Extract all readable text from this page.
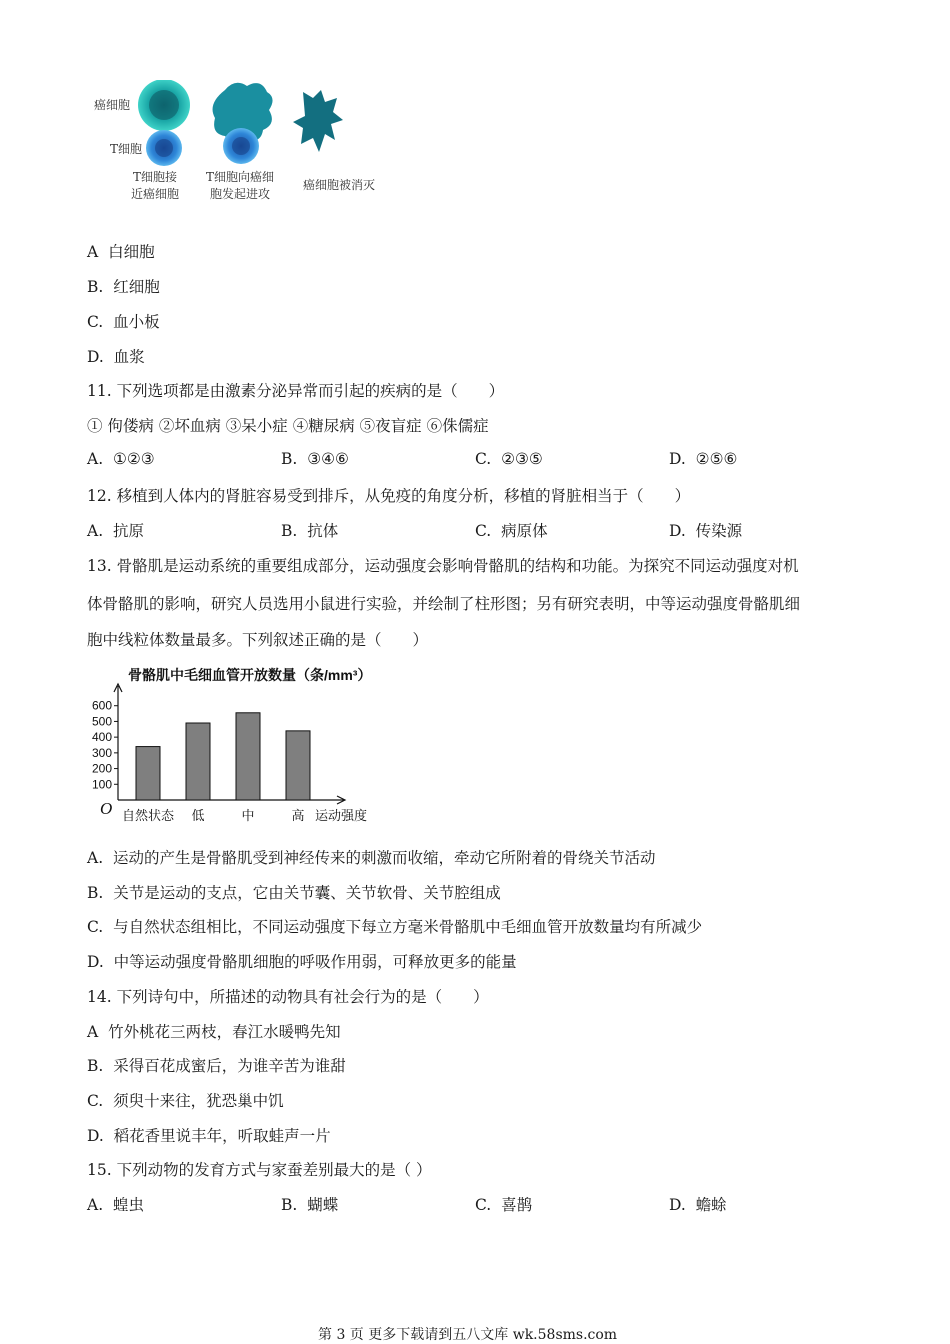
癌细胞
T细胞
T细胞接
近癌细胞
T细胞向癌细
胞发起进攻
癌细胞被消灭
A 白细胞
B. 红细胞
C. 血小板
D. 血浆
11. 下列选项都是由激素分泌异常而引起的疾病的是（　　）
① 佝偻病 ②坏血病 ③呆小症 ④糖尿病 ⑤夜盲症 ⑥侏儒症
A. ①②③	B. ③④⑥	C. ②③⑤	D. ②⑤⑥
12. 移植到人体内的肾脏容易受到排斥，从免疫的角度分析，移植的肾脏相当于（　　）
A. 抗原	B. 抗体	C. 病原体	D. 传染源
13. 骨骼肌是运动系统的重要组成部分，运动强度会影响骨骼肌的结构和功能。为探究不同运动强度对机
体骨骼肌的影响，研究人员选用小鼠进行实验，并绘制了柱形图；另有研究表明，中等运动强度骨骼肌细
胞中线粒体数量最多。下列叙述正确的是（　　）
骨骼肌中毛细血管开放数量（条/mm³）
100
200
300
400
500
600
自然状态 低	中	高
O	运动强度
A. 运动的产生是骨骼肌受到神经传来的刺激而收缩，牵动它所附着的骨绕关节活动
B. 关节是运动的支点，它由关节囊、关节软骨、关节腔组成
C. 与自然状态组相比，不同运动强度下每立方毫米骨骼肌中毛细血管开放数量均有所减少
D. 中等运动强度骨骼肌细胞的呼吸作用弱，可释放更多的能量
14. 下列诗句中，所描述的动物具有社会行为的是（　　）
A 竹外桃花三两枝，春江水暖鸭先知
B. 采得百花成蜜后，为谁辛苦为谁甜
C. 须臾十来往，犹恐巢中饥
D. 稻花香里说丰年，听取蛙声一片
15. 下列动物的发育方式与家蚕差别最大的是（ ）
A. 蝗虫	B. 蝴蝶	C. 喜鹊	D. 蟾蜍
第 3 页 更多下载请到五八文库 wk.58sms.com
